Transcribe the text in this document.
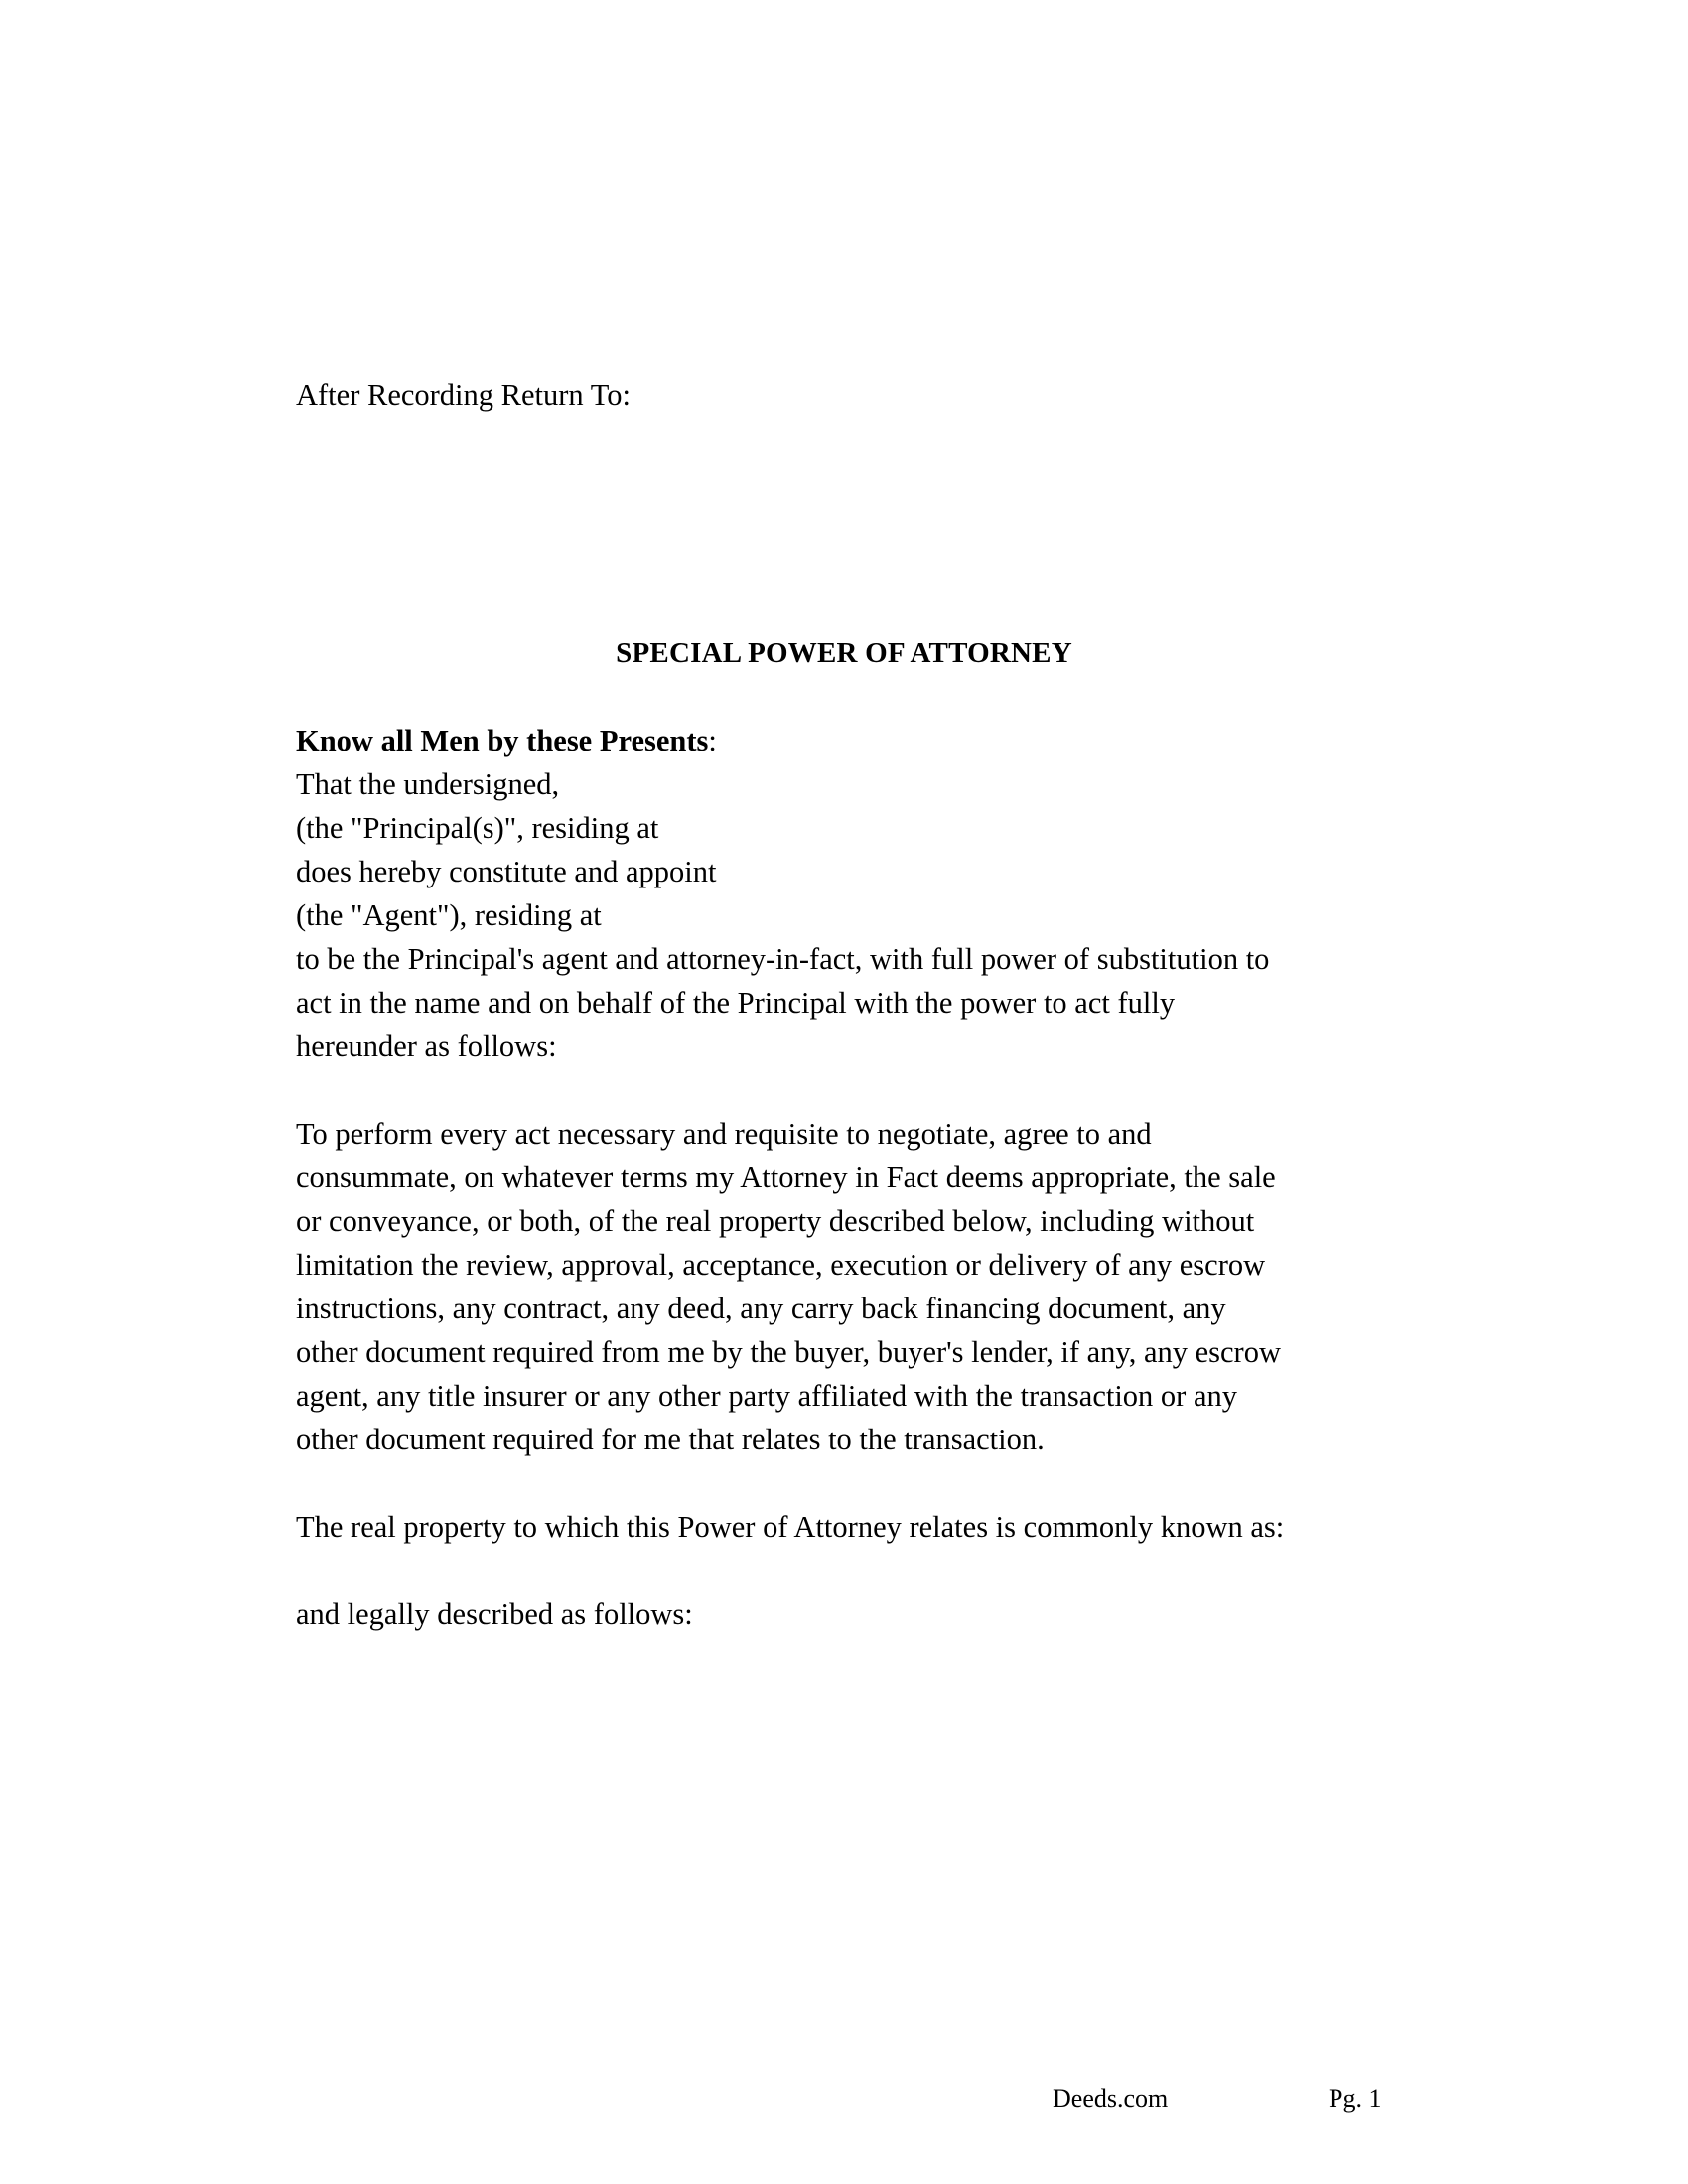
After Recording Return To:
SPECIAL POWER OF ATTORNEY
Know all Men by these Presents:
That the undersigned,
(the "Principal(s)", residing at
does hereby constitute and appoint
(the "Agent"), residing at
to be the Principal's agent and attorney-in-fact, with full power of substitution to
act in the name and on behalf of the Principal with the power to act fully
hereunder as follows:
To perform every act necessary and requisite to negotiate, agree to and
consummate, on whatever terms my Attorney in Fact deems appropriate, the sale
or conveyance, or both, of the real property described below, including without
limitation the review, approval, acceptance, execution or delivery of any escrow
instructions, any contract, any deed, any carry back financing document, any
other document required from me by the buyer, buyer's lender, if any, any escrow
agent, any title insurer or any other party affiliated with the transaction or any
other document required for me that relates to the transaction.
The real property to which this Power of Attorney relates is commonly known as:
and legally described as follows:
Deeds.com	Pg. 1
